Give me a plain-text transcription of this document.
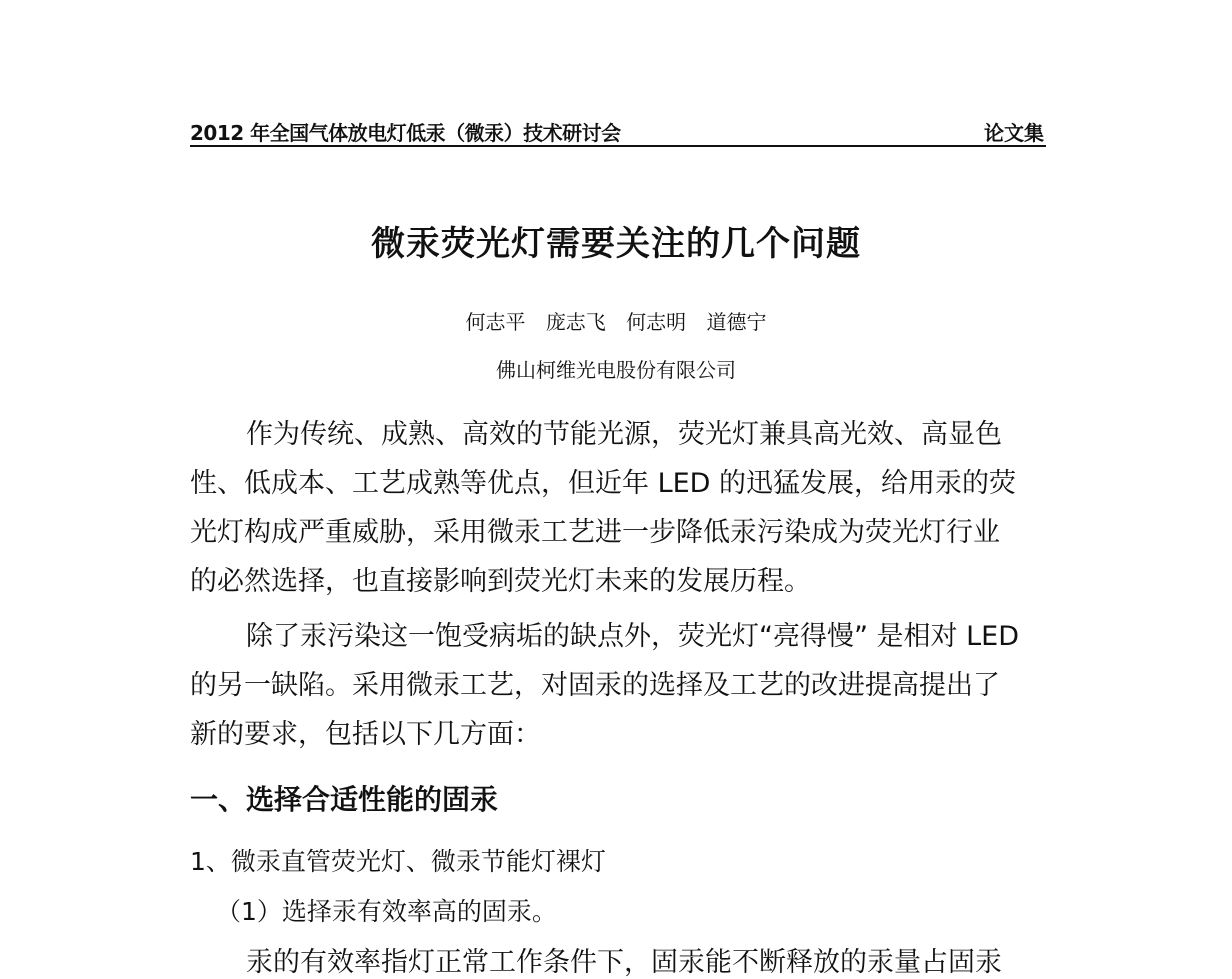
2012 年全国气体放电灯低汞（微汞）技术研讨会	论文集
微汞荧光灯需要关注的几个问题
何志平 庞志飞 何志明 道德宁
佛山柯维光电股份有限公司
作为传统、成熟、高效的节能光源，荧光灯兼具高光效、高显色
性、低成本、工艺成熟等优点，但近年 LED 的迅猛发展，给用汞的荧
光灯构成严重威胁，采用微汞工艺进一步降低汞污染成为荧光灯行业
的必然选择，也直接影响到荧光灯未来的发展历程。
除了汞污染这一饱受病垢的缺点外，荧光灯“亮得慢” 是相对 LED
的另一缺陷。采用微汞工艺，对固汞的选择及工艺的改进提高提出了
新的要求，包括以下几方面：
一、选择合适性能的固汞
1、微汞直管荧光灯、微汞节能灯裸灯
（1）选择汞有效率高的固汞。
汞的有效率指灯正常工作条件下，固汞能不断释放的汞量占固汞
